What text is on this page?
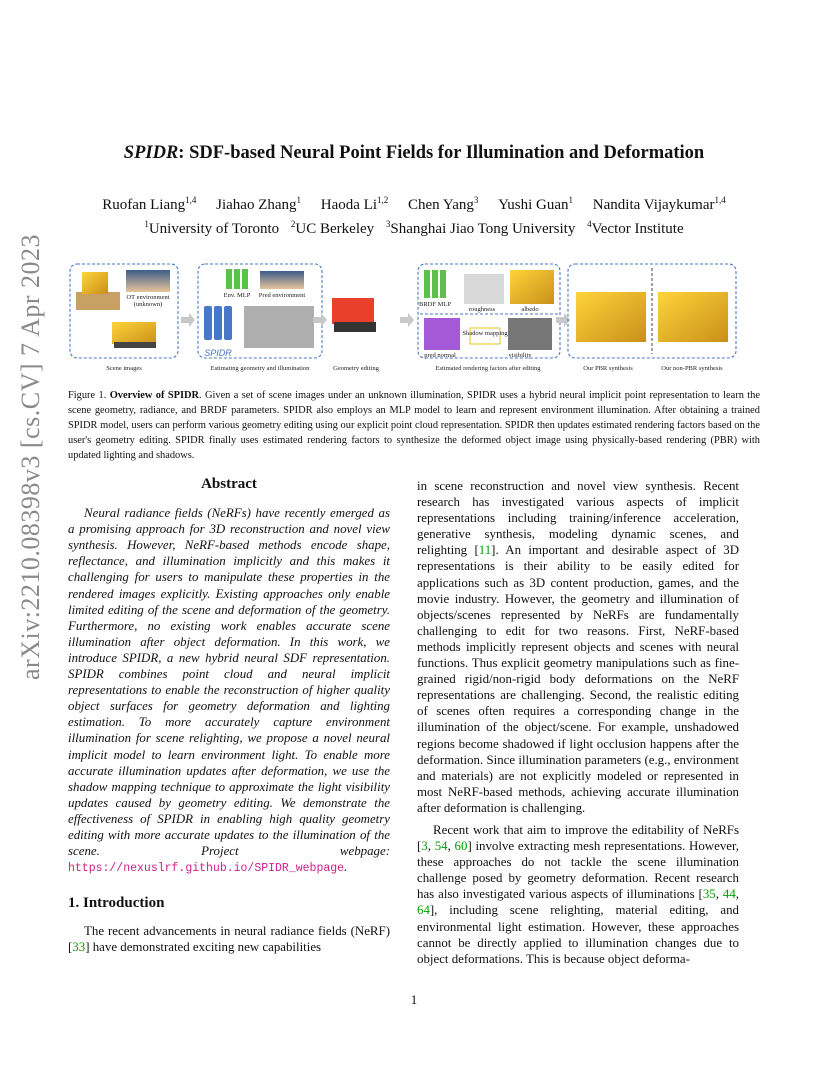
arXiv:2210.08398v3 [cs.CV] 7 Apr 2023
SPIDR: SDF-based Neural Point Fields for Illumination and Deformation
Ruofan Liang$^{1,4}$ Jiahao Zhang$^1$ Haoda Li$^{1,2}$ Chen Yang$^3$ Yushi Guan$^1$ Nandita Vijaykumar$^{1,4}$
$^1$University of Toronto $^2$UC Berkeley $^3$Shanghai Jiao Tong University $^4$Vector Institute
OT environment
(unknown)
Scene images
Env. MLP Pred environment
SPIDR
Estimating geometry and illumination	Geometry editing
BRDF MLP
roughness	albedo
Shadow mapping
pred normal	visibility
Estimated rendering factors after editing	Our PBR synthesis	Our non-PBR synthesis
Figure 1. Overview of SPIDR. Given a set of scene images under an unknown illumination, SPIDR uses a hybrid neural implicit point representation to learn the scene geometry, radiance, and BRDF parameters. SPIDR also employs an MLP model to learn and represent environment illumination. After obtaining a trained SPIDR model, users can perform various geometry editing using our explicit point cloud representation. SPIDR then updates estimated rendering factors based on the user's geometry editing. SPIDR finally uses estimated rendering factors to synthesize the deformed object image using physically-based rendering (PBR) with updated lighting and shadows.
Abstract

Neural radiance fields (NeRFs) have recently emerged as a promising approach for 3D reconstruction and novel view synthesis. However, NeRF-based methods encode shape, reflectance, and illumination implicitly and this makes it challenging for users to manipulate these properties in the rendered images explicitly. Existing approaches only enable limited editing of the scene and deformation of the geometry. Furthermore, no existing work enables accurate scene illumination after object deformation. In this work, we introduce SPIDR, a new hybrid neural SDF representation. SPIDR combines point cloud and neural implicit representations to enable the reconstruction of higher quality object surfaces for geometry deformation and lighting estimation. To more accurately capture environment illumination for scene relighting, we propose a novel neural implicit model to learn environment light. To enable more accurate illumination updates after deformation, we use the shadow mapping technique to approximate the light visibility updates caused by geometry editing. We demonstrate the effectiveness of SPIDR in enabling high quality geometry editing with more accurate updates to the illumination of the scene. Project webpage: https://nexuslrf.github.io/SPIDR_webpage.

1. Introduction

The recent advancements in neural radiance fields (NeRF) [33] have demonstrated exciting new capabilities

in scene reconstruction and novel view synthesis. Recent research has investigated various aspects of implicit representations including training/inference acceleration, generative synthesis, modeling dynamic scenes, and relighting [11]. An important and desirable aspect of 3D representations is their ability to be easily edited for applications such as 3D content production, games, and the movie industry. However, the geometry and illumination of objects/scenes represented by NeRFs are fundamentally challenging to edit for two reasons. First, NeRF-based methods implicitly represent objects and scenes with neural functions. Thus explicit geometry manipulations such as fine-grained rigid/non-rigid body deformations on the NeRF representations are challenging. Second, the realistic editing of scenes often requires a corresponding change in the illumination of the object/scene. For example, unshadowed regions become shadowed if light occlusion happens after the deformation. Since illumination parameters (e.g., environment and materials) are not explicitly modeled or represented in most NeRF-based methods, achieving accurate illumination after deformation is challenging.

Recent work that aim to improve the editability of NeRFs [3, 54, 60] involve extracting mesh representations. However, these approaches do not tackle the scene illumination challenge posed by geometry deformation. Recent research has also investigated various aspects of illuminations [35, 44, 64], including scene relighting, material editing, and environmental light estimation. However, these approaches cannot be directly applied to illumination changes due to object deformations. This is because object deforma-

1
